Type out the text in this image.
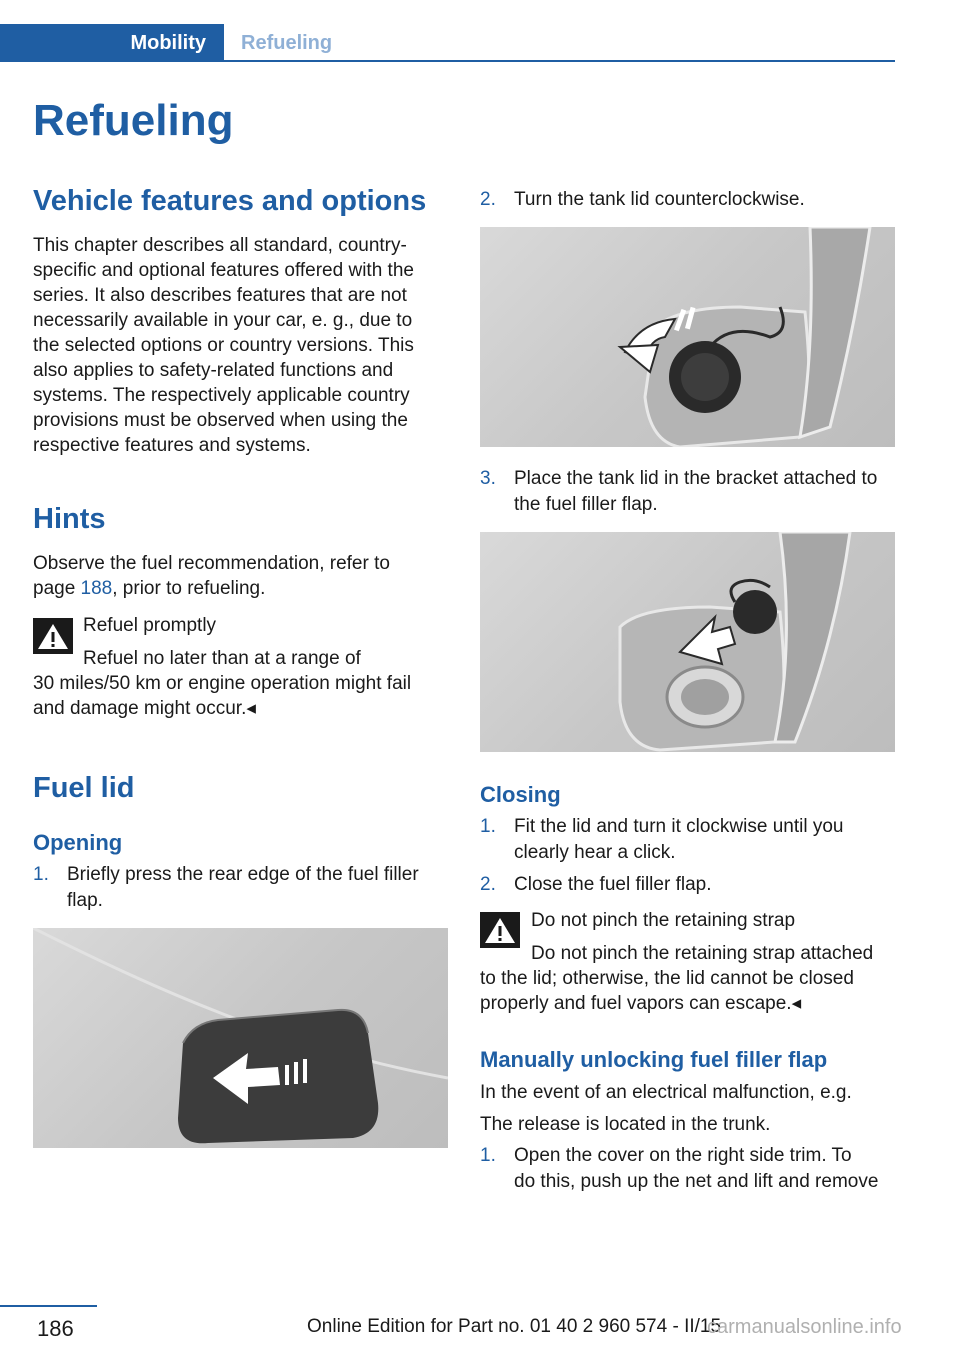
Mobility	Refueling
Refueling
Vehicle features and options
This chapter describes all standard, country-
specific and optional features offered with the
series. It also describes features that are not
necessarily available in your car, e. g., due to
the selected options or country versions. This
also applies to safety-related functions and
systems. The respectively applicable country
provisions must be observed when using the
respective features and systems.
Hints
Observe the fuel recommendation, refer to
page 188, prior to refueling.
Refuel promptly
Refuel no later than at a range of
30 miles/50 km or engine operation might fail
and damage might occur.◂
Fuel lid
Opening
1. Briefly press the rear edge of the fuel filler
flap.
2. Turn the tank lid counterclockwise.
3. Place the tank lid in the bracket attached to
the fuel filler flap.
Closing
1. Fit the lid and turn it clockwise until you
clearly hear a click.
2. Close the fuel filler flap.
Do not pinch the retaining strap
Do not pinch the retaining strap attached
to the lid; otherwise, the lid cannot be closed
properly and fuel vapors can escape.◂
Manually unlocking fuel filler flap
In the event of an electrical malfunction, e.g.
The release is located in the trunk.
1. Open the cover on the right side trim. To
do this, push up the net and lift and remove
186	Online Edition for Part no. 01 40 2 960 574 - II/15
carmanualsonline.info
